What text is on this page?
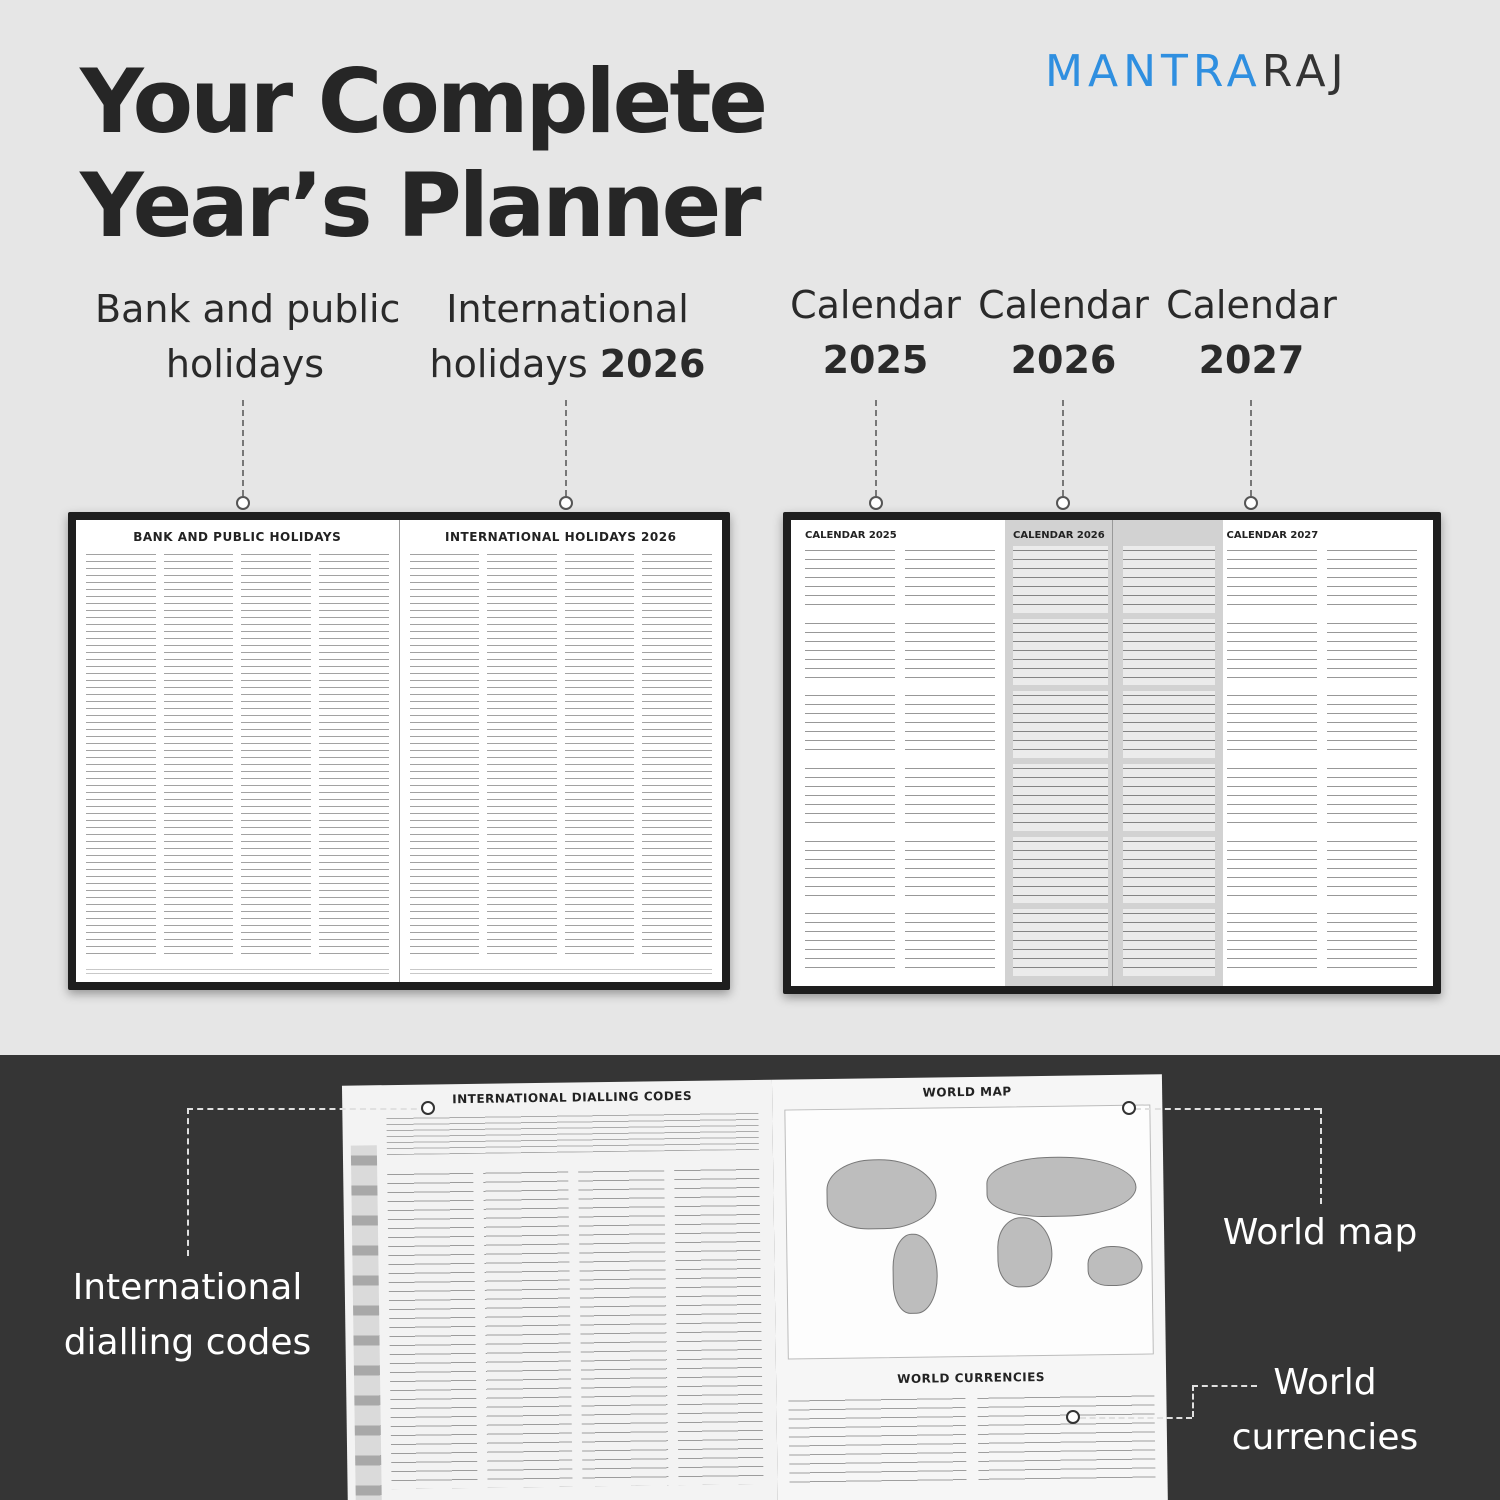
Your Complete
Year’s Planner
MANTRARAJ
Bank and public
holidays
International
holidays 2026
Calendar
2025
Calendar
2026
Calendar
2027
BANK AND PUBLIC HOLIDAYS	INTERNATIONAL HOLIDAYS 2026	CALENDAR 2025	CALENDAR 2026	CALENDAR 2027
INTERNATIONAL DIALLING CODES	WORLD MAP
WORLD CURRENCIES
International
dialling codes
World map
World
currencies
